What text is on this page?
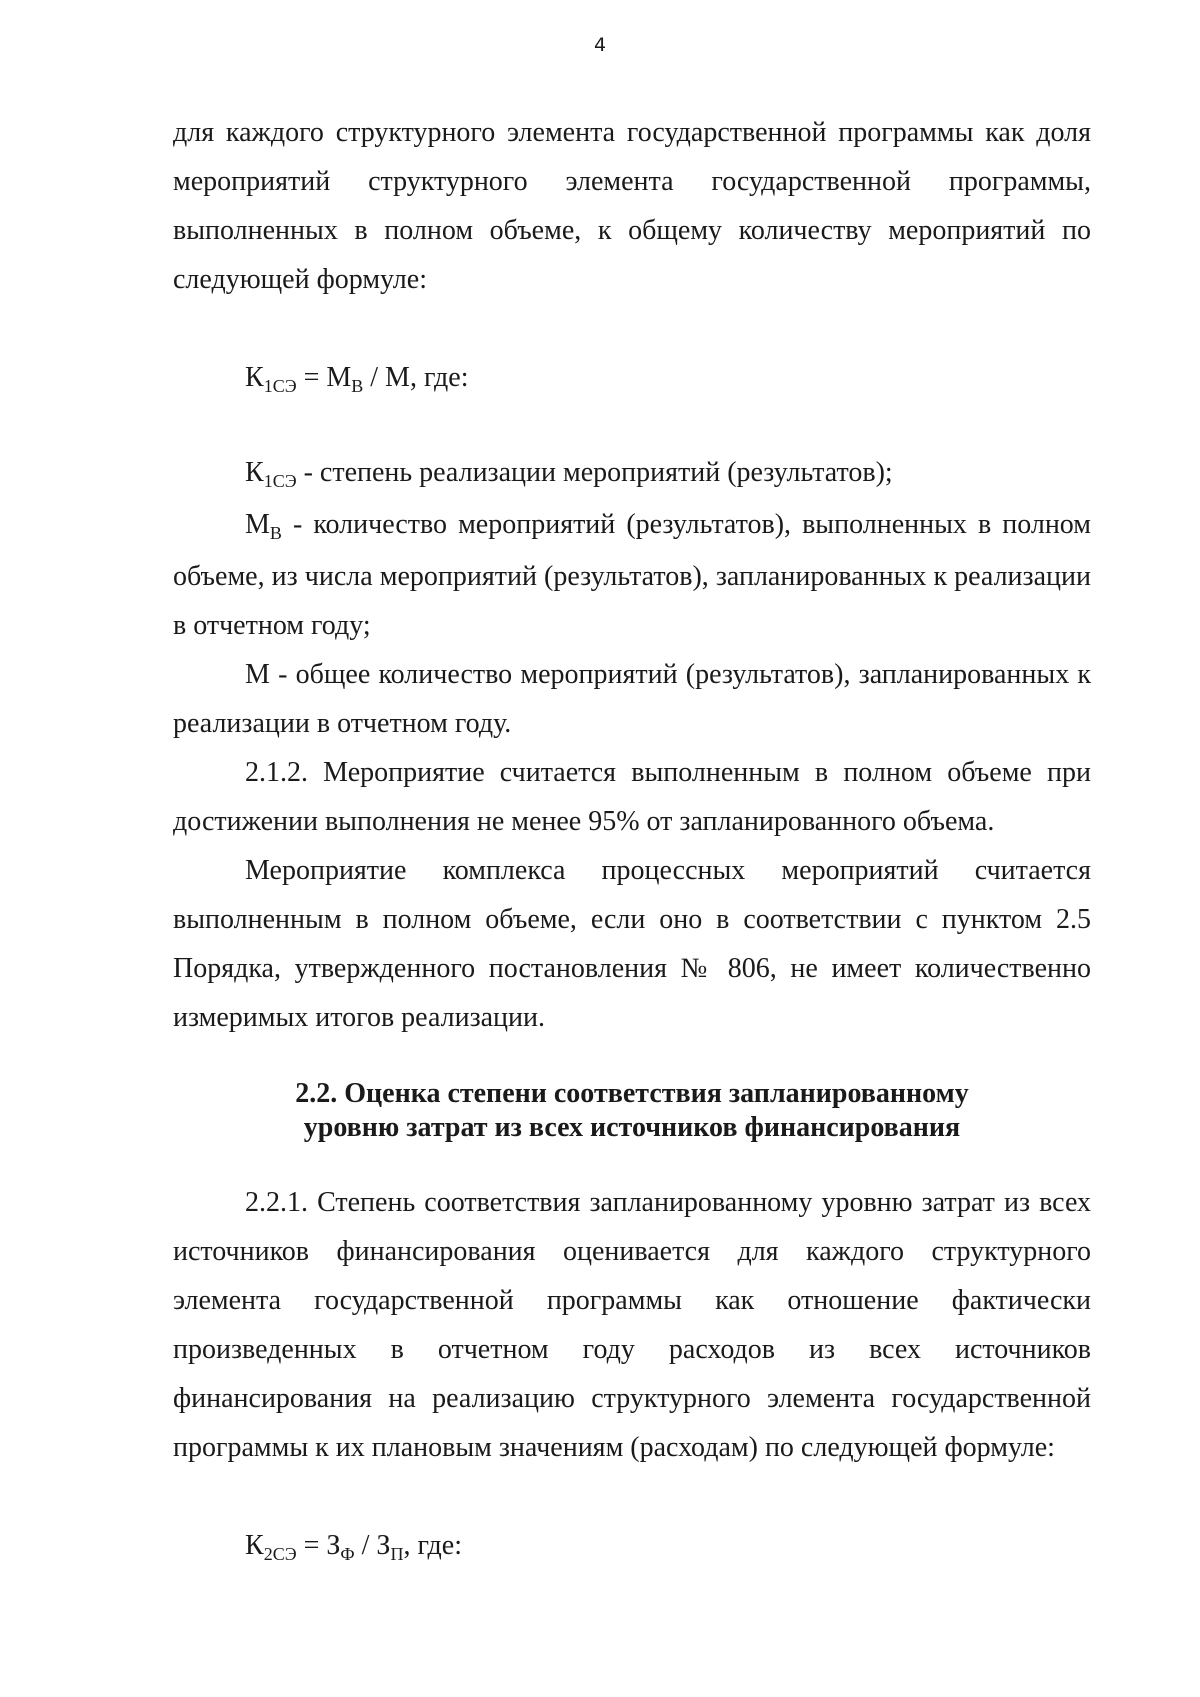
4

для каждого структурного элемента государственной программы как доля мероприятий структурного элемента государственной программы, выполненных в полном объеме, к общему количеству мероприятий по следующей формуле:

$К_{1СЭ} = М_В / М$, где:

$К_{1СЭ}$ - степень реализации мероприятий (результатов);

$М_В$ - количество мероприятий (результатов), выполненных в полном объеме, из числа мероприятий (результатов), запланированных к реализации в отчетном году;

М - общее количество мероприятий (результатов), запланированных к реализации в отчетном году.

2.1.2. Мероприятие считается выполненным в полном объеме при достижении выполнения не менее 95% от запланированного объема.

Мероприятие комплекса процессных мероприятий считается выполненным в полном объеме, если оно в соответствии с пунктом 2.5 Порядка, утвержденного постановления № 806, не имеет количественно измеримых итогов реализации.

2.2. Оценка степени соответствия запланированному

уровню затрат из всех источников финансирования

2.2.1. Степень соответствия запланированному уровню затрат из всех источников финансирования оценивается для каждого структурного элемента государственной программы как отношение фактически произведенных в отчетном году расходов из всех источников финансирования на реализацию структурного элемента государственной программы к их плановым значениям (расходам) по следующей формуле:

$К_{2СЭ} = З_Ф / З_П$, где:
